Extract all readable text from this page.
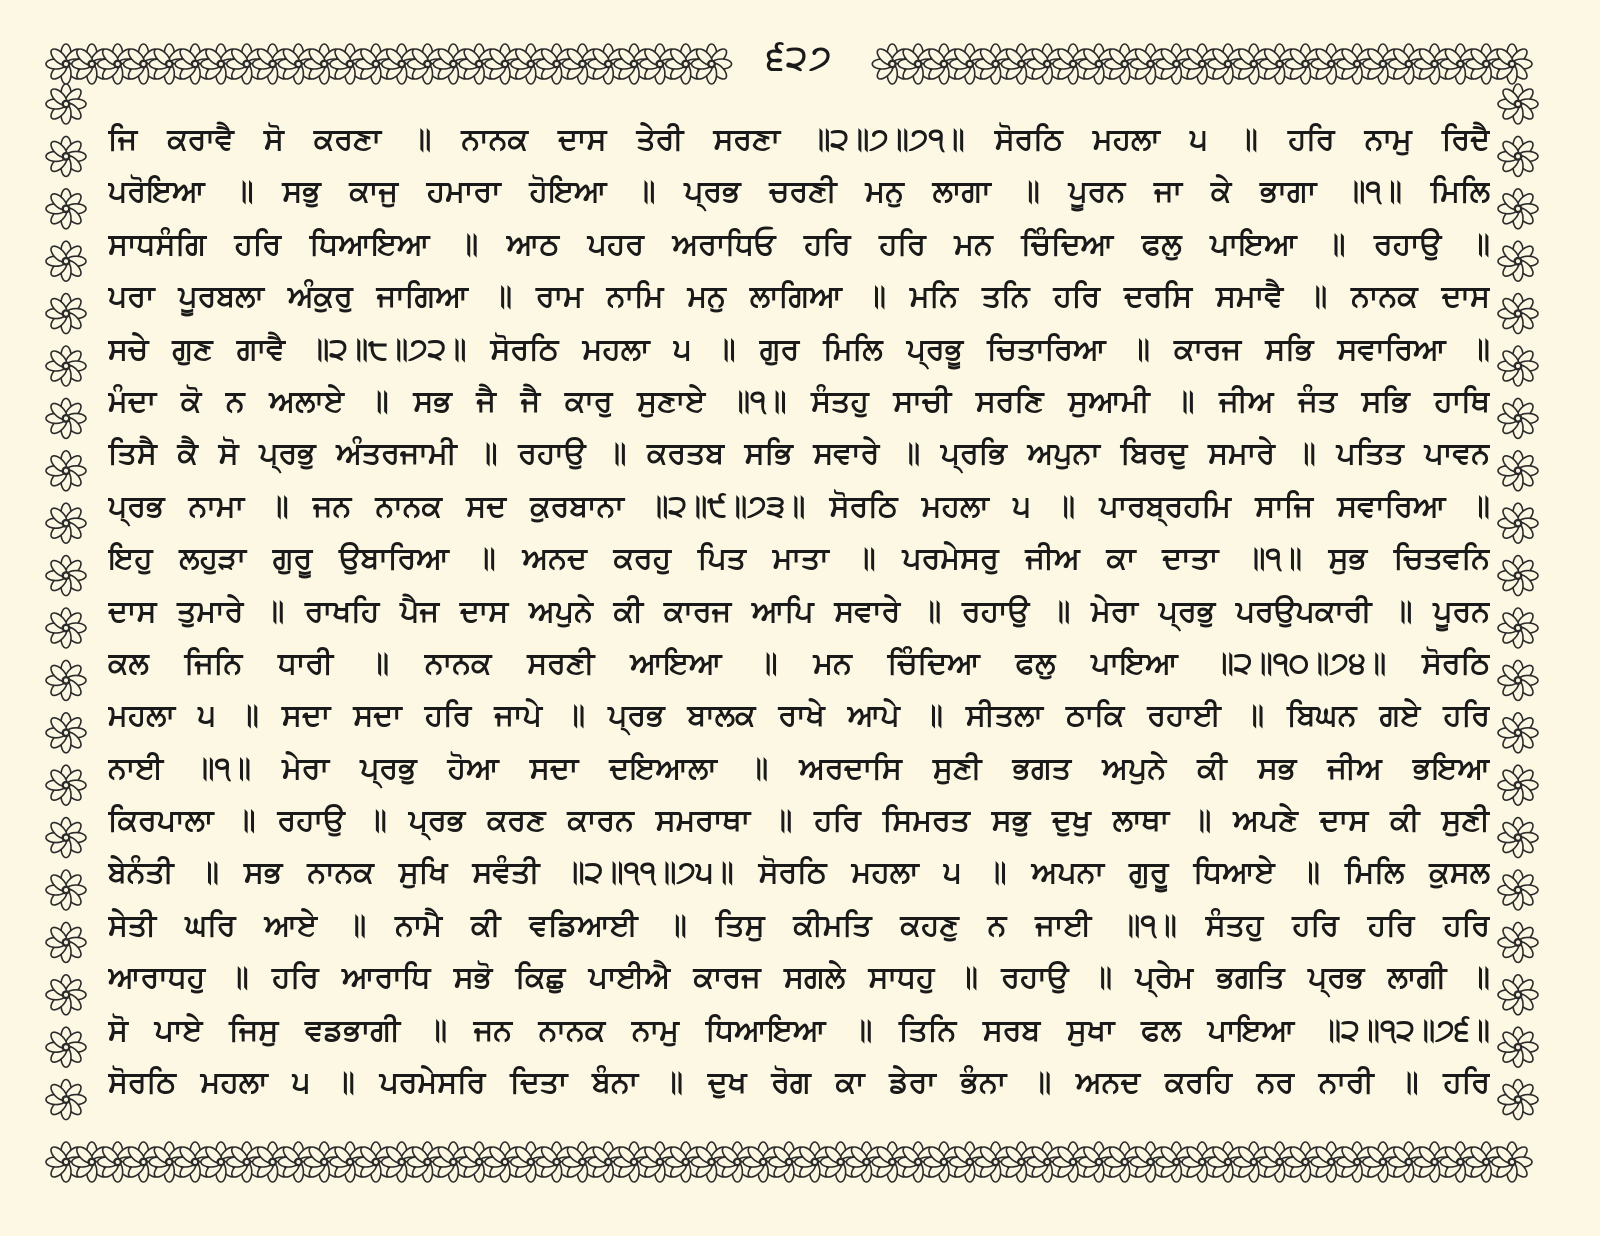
੬੨੭
ਜਿ ਕਰਾਵੈ ਸੋ ਕਰਣਾ ॥ ਨਾਨਕ ਦਾਸ ਤੇਰੀ ਸਰਣਾ ॥੨॥੭॥੭੧॥ ਸੋਰਠਿ ਮਹਲਾ ੫ ॥ ਹਰਿ ਨਾਮੁ ਰਿਦੈ
ਪਰੋਇਆ ॥ ਸਭੁ ਕਾਜੁ ਹਮਾਰਾ ਹੋਇਆ ॥ ਪ੍ਰਭ ਚਰਣੀ ਮਨੁ ਲਾਗਾ ॥ ਪੂਰਨ ਜਾ ਕੇ ਭਾਗਾ ॥੧॥ ਮਿਲਿ
ਸਾਧਸੰਗਿ ਹਰਿ ਧਿਆਇਆ ॥ ਆਠ ਪਹਰ ਅਰਾਧਿਓ ਹਰਿ ਹਰਿ ਮਨ ਚਿੰਦਿਆ ਫਲੁ ਪਾਇਆ ॥ ਰਹਾਉ ॥
ਪਰਾ ਪੂਰਬਲਾ ਅੰਕੁਰੁ ਜਾਗਿਆ ॥ ਰਾਮ ਨਾਮਿ ਮਨੁ ਲਾਗਿਆ ॥ ਮਨਿ ਤਨਿ ਹਰਿ ਦਰਸਿ ਸਮਾਵੈ ॥ ਨਾਨਕ ਦਾਸ
ਸਚੇ ਗੁਣ ਗਾਵੈ ॥੨॥੮॥੭੨॥ ਸੋਰਠਿ ਮਹਲਾ ੫ ॥ ਗੁਰ ਮਿਲਿ ਪ੍ਰਭੂ ਚਿਤਾਰਿਆ ॥ ਕਾਰਜ ਸਭਿ ਸਵਾਰਿਆ ॥
ਮੰਦਾ ਕੋ ਨ ਅਲਾਏ ॥ ਸਭ ਜੈ ਜੈ ਕਾਰੁ ਸੁਣਾਏ ॥੧॥ ਸੰਤਹੁ ਸਾਚੀ ਸਰਣਿ ਸੁਆਮੀ ॥ ਜੀਅ ਜੰਤ ਸਭਿ ਹਾਥਿ
ਤਿਸੈ ਕੈ ਸੋ ਪ੍ਰਭੁ ਅੰਤਰਜਾਮੀ ॥ ਰਹਾਉ ॥ ਕਰਤਬ ਸਭਿ ਸਵਾਰੇ ॥ ਪ੍ਰਭਿ ਅਪੁਨਾ ਬਿਰਦੁ ਸਮਾਰੇ ॥ ਪਤਿਤ ਪਾਵਨ
ਪ੍ਰਭ ਨਾਮਾ ॥ ਜਨ ਨਾਨਕ ਸਦ ਕੁਰਬਾਨਾ ॥੨॥੯॥੭੩॥ ਸੋਰਠਿ ਮਹਲਾ ੫ ॥ ਪਾਰਬ੍ਰਹਮਿ ਸਾਜਿ ਸਵਾਰਿਆ ॥
ਇਹੁ ਲਹੁੜਾ ਗੁਰੂ ਉਬਾਰਿਆ ॥ ਅਨਦ ਕਰਹੁ ਪਿਤ ਮਾਤਾ ॥ ਪਰਮੇਸਰੁ ਜੀਅ ਕਾ ਦਾਤਾ ॥੧॥ ਸੁਭ ਚਿਤਵਨਿ
ਦਾਸ ਤੁਮਾਰੇ ॥ ਰਾਖਹਿ ਪੈਜ ਦਾਸ ਅਪੁਨੇ ਕੀ ਕਾਰਜ ਆਪਿ ਸਵਾਰੇ ॥ ਰਹਾਉ ॥ ਮੇਰਾ ਪ੍ਰਭੁ ਪਰਉਪਕਾਰੀ ॥ ਪੂਰਨ
ਕਲ ਜਿਨਿ ਧਾਰੀ ॥ ਨਾਨਕ ਸਰਣੀ ਆਇਆ ॥ ਮਨ ਚਿੰਦਿਆ ਫਲੁ ਪਾਇਆ ॥੨॥੧੦॥੭੪॥ ਸੋਰਠਿ
ਮਹਲਾ ੫ ॥ ਸਦਾ ਸਦਾ ਹਰਿ ਜਾਪੇ ॥ ਪ੍ਰਭ ਬਾਲਕ ਰਾਖੇ ਆਪੇ ॥ ਸੀਤਲਾ ਠਾਕਿ ਰਹਾਈ ॥ ਬਿਘਨ ਗਏ ਹਰਿ
ਨਾਈ ॥੧॥ ਮੇਰਾ ਪ੍ਰਭੁ ਹੋਆ ਸਦਾ ਦਇਆਲਾ ॥ ਅਰਦਾਸਿ ਸੁਣੀ ਭਗਤ ਅਪੁਨੇ ਕੀ ਸਭ ਜੀਅ ਭਇਆ
ਕਿਰਪਾਲਾ ॥ ਰਹਾਉ ॥ ਪ੍ਰਭ ਕਰਣ ਕਾਰਨ ਸਮਰਾਥਾ ॥ ਹਰਿ ਸਿਮਰਤ ਸਭੁ ਦੁਖੁ ਲਾਥਾ ॥ ਅਪਣੇ ਦਾਸ ਕੀ ਸੁਣੀ
ਬੇਨੰਤੀ ॥ ਸਭ ਨਾਨਕ ਸੁਖਿ ਸਵੰਤੀ ॥੨॥੧੧॥੭੫॥ ਸੋਰਠਿ ਮਹਲਾ ੫ ॥ ਅਪਨਾ ਗੁਰੂ ਧਿਆਏ ॥ ਮਿਲਿ ਕੁਸਲ
ਸੇਤੀ ਘਰਿ ਆਏ ॥ ਨਾਮੈ ਕੀ ਵਡਿਆਈ ॥ ਤਿਸੁ ਕੀਮਤਿ ਕਹਣੁ ਨ ਜਾਈ ॥੧॥ ਸੰਤਹੁ ਹਰਿ ਹਰਿ ਹਰਿ
ਆਰਾਧਹੁ ॥ ਹਰਿ ਆਰਾਧਿ ਸਭੋ ਕਿਛੁ ਪਾਈਐ ਕਾਰਜ ਸਗਲੇ ਸਾਧਹੁ ॥ ਰਹਾਉ ॥ ਪ੍ਰੇਮ ਭਗਤਿ ਪ੍ਰਭ ਲਾਗੀ ॥
ਸੋ ਪਾਏ ਜਿਸੁ ਵਡਭਾਗੀ ॥ ਜਨ ਨਾਨਕ ਨਾਮੁ ਧਿਆਇਆ ॥ ਤਿਨਿ ਸਰਬ ਸੁਖਾ ਫਲ ਪਾਇਆ ॥੨॥੧੨॥੭੬॥
ਸੋਰਠਿ ਮਹਲਾ ੫ ॥ ਪਰਮੇਸਰਿ ਦਿਤਾ ਬੰਨਾ ॥ ਦੁਖ ਰੋਗ ਕਾ ਡੇਰਾ ਭੰਨਾ ॥ ਅਨਦ ਕਰਹਿ ਨਰ ਨਾਰੀ ॥ ਹਰਿ
